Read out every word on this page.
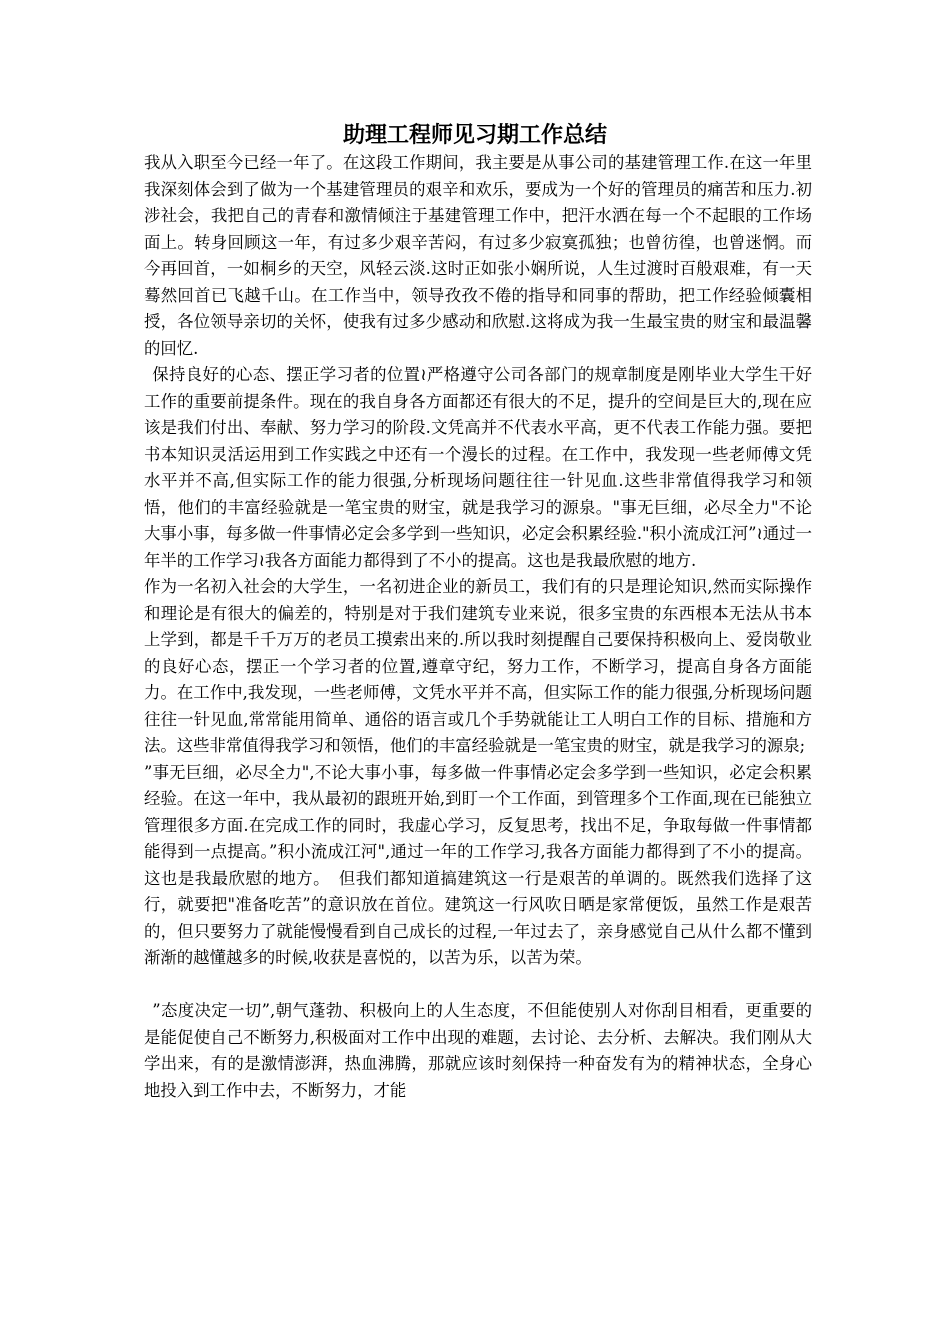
助理工程师见习期工作总结

我从入职至今已经一年了。在这段工作期间，我主要是从事公司的基建管理工作.在这一年里我深刻体会到了做为一个基建管理员的艰辛和欢乐，要成为一个好的管理员的痛苦和压力.初涉社会，我把自己的青春和激情倾注于基建管理工作中，把汗水洒在每一个不起眼的工作场面上。转身回顾这一年，有过多少艰辛苦闷，有过多少寂寞孤独；也曾彷徨，也曾迷惘。而今再回首，一如桐乡的天空，风轻云淡.这时正如张小娴所说，人生过渡时百般艰难，有一天蓦然回首已飞越千山。在工作当中，领导孜孜不倦的指导和同事的帮助，把工作经验倾囊相授，各位领导亲切的关怀，使我有过多少感动和欣慰.这将成为我一生最宝贵的财宝和最温馨的回忆.

保持良好的心态、摆正学习者的位置≀严格遵守公司各部门的规章制度是刚毕业大学生干好工作的重要前提条件。现在的我自身各方面都还有很大的不足，提升的空间是巨大的,现在应该是我们付出、奉献、努力学习的阶段.文凭高并不代表水平高，更不代表工作能力强。要把书本知识灵活运用到工作实践之中还有一个漫长的过程。在工作中，我发现一些老师傅文凭水平并不高,但实际工作的能力很强,分析现场问题往往一针见血.这些非常值得我学习和领悟，他们的丰富经验就是一笔宝贵的财宝，就是我学习的源泉。"事无巨细，必尽全力"不论大事小事，每多做一件事情必定会多学到一些知识，必定会积累经验."积小流成江河”≀通过一年半的工作学习≀我各方面能力都得到了不小的提高。这也是我最欣慰的地方.

作为一名初入社会的大学生，一名初进企业的新员工，我们有的只是理论知识,然而实际操作和理论是有很大的偏差的，特别是对于我们建筑专业来说，很多宝贵的东西根本无法从书本上学到，都是千千万万的老员工摸索出来的.所以我时刻提醒自己要保持积极向上、爱岗敬业的良好心态，摆正一个学习者的位置,遵章守纪，努力工作，不断学习，提高自身各方面能力。在工作中,我发现，一些老师傅，文凭水平并不高，但实际工作的能力很强,分析现场问题往往一针见血,常常能用简单、通俗的语言或几个手势就能让工人明白工作的目标、措施和方法。这些非常值得我学习和领悟，他们的丰富经验就是一笔宝贵的财宝，就是我学习的源泉;

”事无巨细，必尽全力",不论大事小事，每多做一件事情必定会多学到一些知识，必定会积累经验。在这一年中，我从最初的跟班开始,到盯一个工作面，到管理多个工作面,现在已能独立管理很多方面.在完成工作的同时，我虚心学习，反复思考，找出不足，争取每做一件事情都能得到一点提高。”积小流成江河",通过一年的工作学习,我各方面能力都得到了不小的提高。这也是我最欣慰的地方。　但我们都知道搞建筑这一行是艰苦的单调的。既然我们选择了这行，就要把"准备吃苦”的意识放在首位。建筑这一行风吹日晒是家常便饭，虽然工作是艰苦的，但只要努力了就能慢慢看到自己成长的过程,一年过去了，亲身感觉自己从什么都不懂到渐渐的越懂越多的时候,收获是喜悦的，以苦为乐，以苦为荣。

”态度决定一切”,朝气蓬勃、积极向上的人生态度，不但能使别人对你刮目相看，更重要的是能促使自己不断努力,积极面对工作中出现的难题，去讨论、去分析、去解决。我们刚从大学出来，有的是激情澎湃，热血沸腾，那就应该时刻保持一种奋发有为的精神状态，全身心地投入到工作中去，不断努力，才能
